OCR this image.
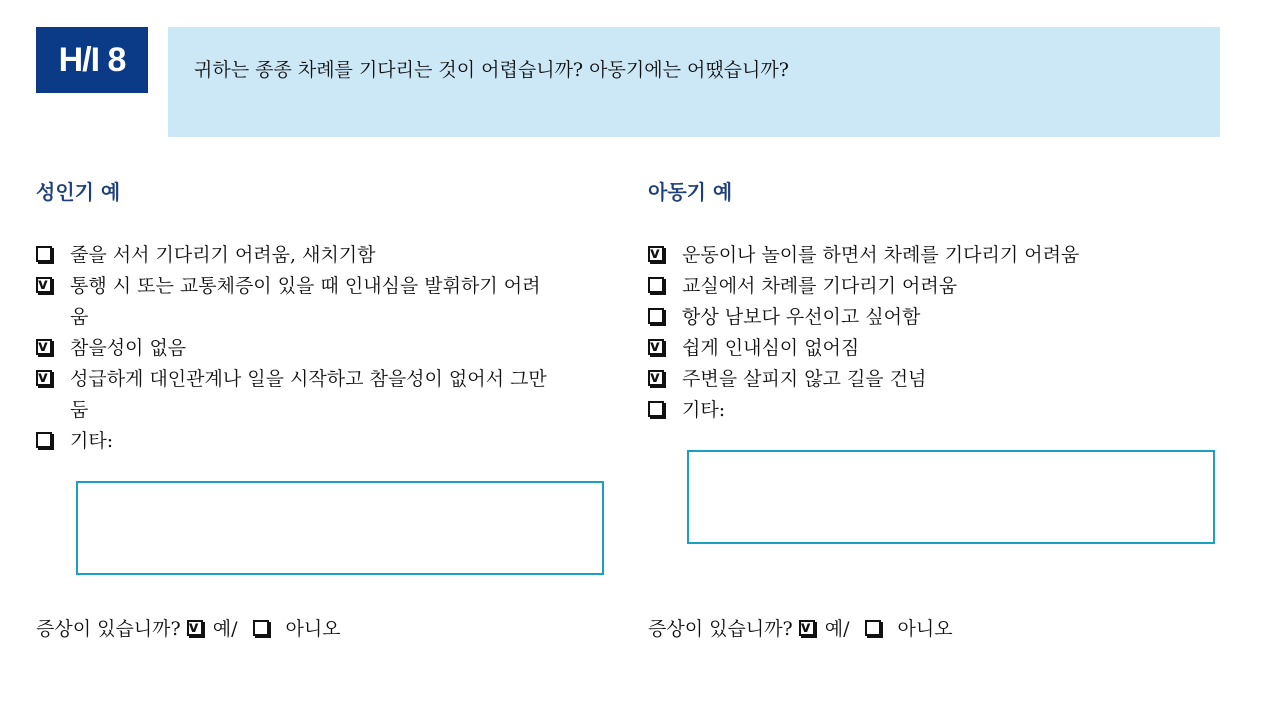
H/I 8	귀하는 종종 차례를 기다리는 것이 어렵습니까? 아동기에는 어땠습니까?
성인기 예
줄을 서서 기다리기 어려움, 새치기함
v 통행 시 또는 교통체증이 있을 때 인내심을 발휘하기 어려움
v 참을성이 없음
v 성급하게 대인관계나 일을 시작하고 참을성이 없어서 그만둠
기타:
증상이 있습니까? v 예/	아니오
아동기 예
v 운동이나 놀이를 하면서 차례를 기다리기 어려움
교실에서 차례를 기다리기 어려움
항상 남보다 우선이고 싶어함
v 쉽게 인내심이 없어짐
v 주변을 살피지 않고 길을 건넘
기타:
증상이 있습니까? v 예/	아니오
